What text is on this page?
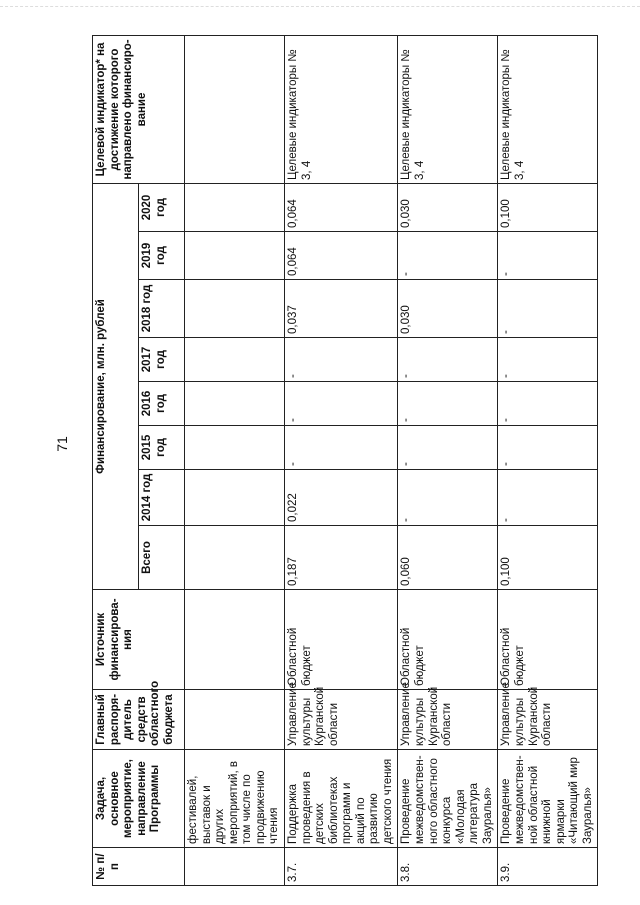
71
№ п/п	Задача, основное мероприятие, направление Программы	Главный распоря-дитель средств областного бюджета	Источник финансирова-ния	Финансирование, млн. рублей								Целевой индикатор* на достижение которого направлено финансиро-вание
				Всего	2014 год	2015 год	2016 год	2017 год	2018 год	2019 год	2020 год	
	фестивалей, выставок и других мероприятий, в том числе по продвижению чтения											
3.7.	Поддержка проведения в детских библиотеках программ и акций по развитию детского чтения	Управление культуры Курганской области	Областной бюджет	0,187	0,022	-	-	-	0,037	0,064	0,064	Целевые индикаторы № 3, 4
3.8.	Проведение межведомствен-ного областного конкурса «Молодая литература Зауралья»	Управление культуры Курганской области	Областной бюджет	0,060	-	-	-	-	0,030	-	0,030	Целевые индикаторы № 3, 4
3.9.	Проведение межведомствен-ной областной книжной ярмарки «Читающий мир Зауралья»	Управление культуры Курганской области	Областной бюджет	0,100	-	-	-	-	-	-	0,100	Целевые индикаторы № 3, 4
